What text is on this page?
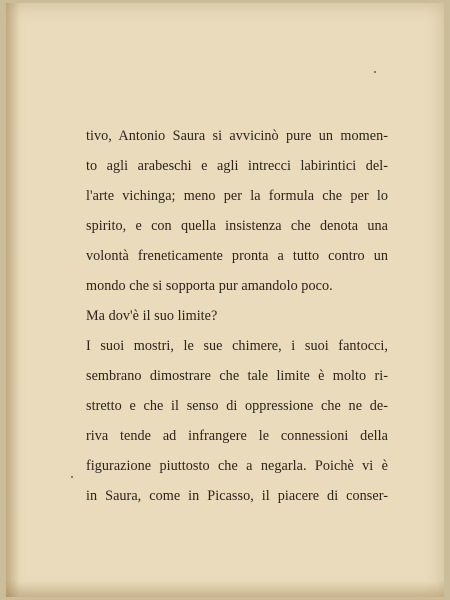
tivo, Antonio Saura si avvicinò pure un momen-
to agli arabeschi e agli intrecci labirintici del-
l'arte vichinga; meno per la formula che per lo
spirito, e con quella insistenza che denota una
volontà freneticamente pronta a tutto contro un
mondo che si sopporta pur amandolo poco.
Ma dov'è il suo limite?
I suoi mostri, le sue chimere, i suoi fantocci,
sembrano dimostrare che tale limite è molto ri-
stretto e che il senso di oppressione che ne de-
riva tende ad infrangere le connessioni della
figurazione piuttosto che a negarla. Poichè vi è
in Saura, come in Picasso, il piacere di conser-
